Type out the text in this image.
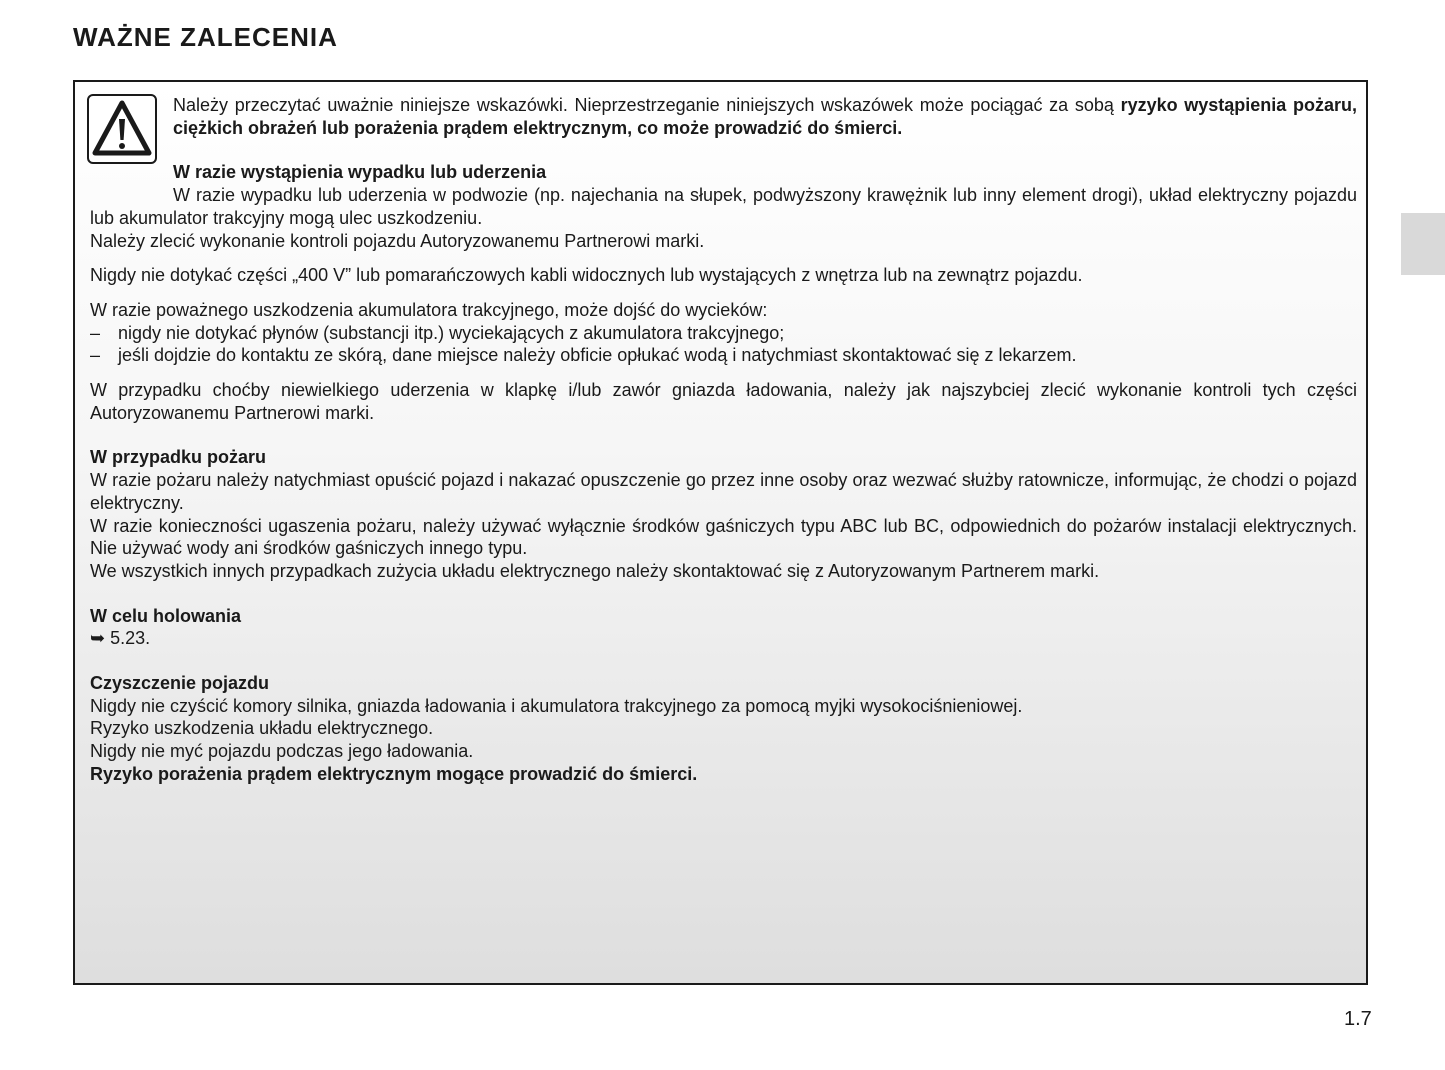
WAŻNE ZALECENIA

Należy przeczytać uważnie niniejsze wskazówki. Nieprzestrzeganie niniejszych wskazówek może pociągać za sobą ryzyko wystąpienia pożaru, ciężkich obrażeń lub porażenia prądem elektrycznym, co może prowadzić do śmierci.

W razie wystąpienia wypadku lub uderzenia

W razie wypadku lub uderzenia w podwozie (np. najechania na słupek, podwyższony krawężnik lub inny element drogi), układ elektryczny pojazdu lub akumulator trakcyjny mogą ulec uszkodzeniu.

Należy zlecić wykonanie kontroli pojazdu Autoryzowanemu Partnerowi marki.

Nigdy nie dotykać części „400 V” lub pomarańczowych kabli widocznych lub wystających z wnętrza lub na zewnątrz pojazdu.

W razie poważnego uszkodzenia akumulatora trakcyjnego, może dojść do wycieków:

– nigdy nie dotykać płynów (substancji itp.) wyciekających z akumulatora trakcyjnego;
– jeśli dojdzie do kontaktu ze skórą, dane miejsce należy obficie opłukać wodą i natychmiast skontaktować się z lekarzem.

W przypadku choćby niewielkiego uderzenia w klapkę i/lub zawór gniazda ładowania, należy jak najszybciej zlecić wykonanie kontroli tych części Autoryzowanemu Partnerowi marki.

W przypadku pożaru

W razie pożaru należy natychmiast opuścić pojazd i nakazać opuszczenie go przez inne osoby oraz wezwać służby ratownicze, informując, że chodzi o pojazd elektryczny.

W razie konieczności ugaszenia pożaru, należy używać wyłącznie środków gaśniczych typu ABC lub BC, odpowiednich do pożarów instalacji elektrycznych. Nie używać wody ani środków gaśniczych innego typu.

We wszystkich innych przypadkach zużycia układu elektrycznego należy skontaktować się z Autoryzowanym Partnerem marki.

W celu holowania

➥ 5.23.

Czyszczenie pojazdu

Nigdy nie czyścić komory silnika, gniazda ładowania i akumulatora trakcyjnego za pomocą myjki wysokociśnieniowej.

Ryzyko uszkodzenia układu elektrycznego.

Nigdy nie myć pojazdu podczas jego ładowania.

Ryzyko porażenia prądem elektrycznym mogące prowadzić do śmierci.

1.7
